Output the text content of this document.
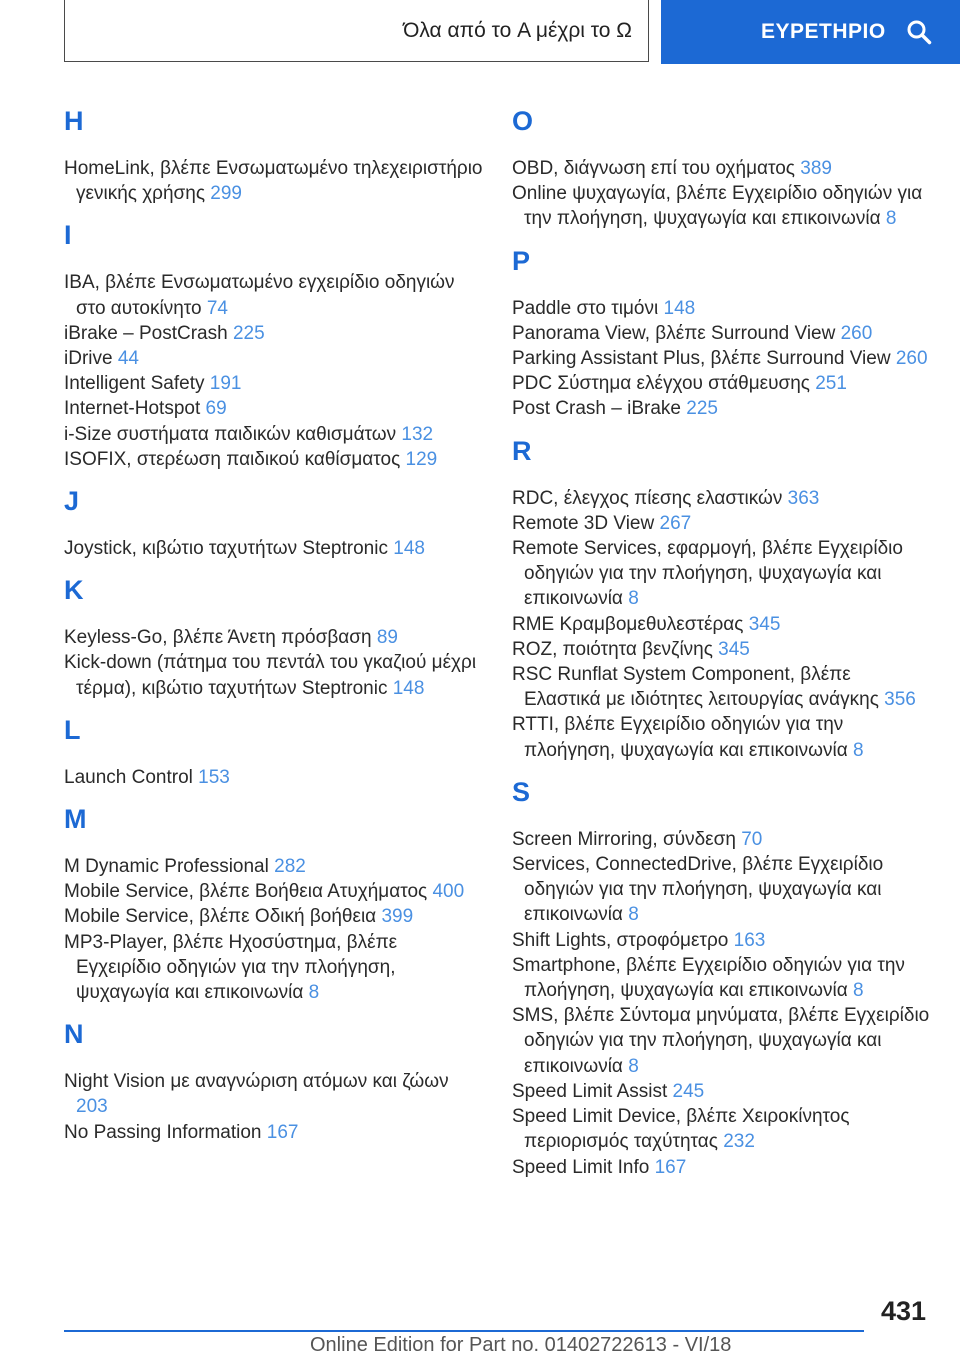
Όλα από το A μέχρι το Ω	ΕΥΡΕΤΗΡΙΟ
H
HomeLink, βλέπε Ενσωματωμένο τηλεχειριστήριο γενικής χρήσης 299
I
IBA, βλέπε Ενσωματωμένο εγχειρίδιο οδηγιών στο αυτοκίνητο 74
iBrake – PostCrash 225
iDrive 44
Intelligent Safety 191
Internet-Hotspot 69
i-Size συστήματα παιδικών καθισμάτων 132
ISOFIX, στερέωση παιδικού καθίσματος 129
J
Joystick, κιβώτιο ταχυτήτων Steptronic 148
K
Keyless-Go, βλέπε Άνετη πρόσβαση 89
Kick-down (πάτημα του πεντάλ του γκαζιού μέχρι τέρμα), κιβώτιο ταχυτήτων Steptronic 148
L
Launch Control 153
M
M Dynamic Professional 282
Mobile Service, βλέπε Βοήθεια Ατυχήματος 400
Mobile Service, βλέπε Οδική βοήθεια 399
MP3-Player, βλέπε Ηχοσύστημα, βλέπε Εγχειρίδιο οδηγιών για την πλοήγηση, ψυχαγωγία και επικοινωνία 8
N
Night Vision με αναγνώριση ατόμων και ζώων 203
No Passing Information 167
O
OBD, διάγνωση επί του οχήματος 389
Online ψυχαγωγία, βλέπε Εγχειρίδιο οδηγιών για την πλοήγηση, ψυχαγωγία και επικοινωνία 8
P
Paddle στο τιμόνι 148
Panorama View, βλέπε Surround View 260
Parking Assistant Plus, βλέπε Surround View 260
PDC Σύστημα ελέγχου στάθμευσης 251
Post Crash – iBrake 225
R
RDC, έλεγχος πίεσης ελαστικών 363
Remote 3D View 267
Remote Services, εφαρμογή, βλέπε Εγχειρίδιο οδηγιών για την πλοήγηση, ψυχαγωγία και επικοινωνία 8
RME Κραμβομεθυλεστέρας 345
ROZ, ποιότητα βενζίνης 345
RSC Runflat System Component, βλέπε Ελαστικά με ιδιότητες λειτουργίας ανάγκης 356
RTTI, βλέπε Εγχειρίδιο οδηγιών για την πλοήγηση, ψυχαγωγία και επικοινωνία 8
S
Screen Mirroring, σύνδεση 70
Services, ConnectedDrive, βλέπε Εγχειρίδιο οδηγιών για την πλοήγηση, ψυχαγωγία και επικοινωνία 8
Shift Lights, στροφόμετρο 163
Smartphone, βλέπε Εγχειρίδιο οδηγιών για την πλοήγηση, ψυχαγωγία και επικοινωνία 8
SMS, βλέπε Σύντομα μηνύματα, βλέπε Εγχειρίδιο οδηγιών για την πλοήγηση, ψυχαγωγία και επικοινωνία 8
Speed Limit Assist 245
Speed Limit Device, βλέπε Χειροκίνητος περιορισμός ταχύτητας 232
Speed Limit Info 167
431
Online Edition for Part no. 01402722613 - VI/18
